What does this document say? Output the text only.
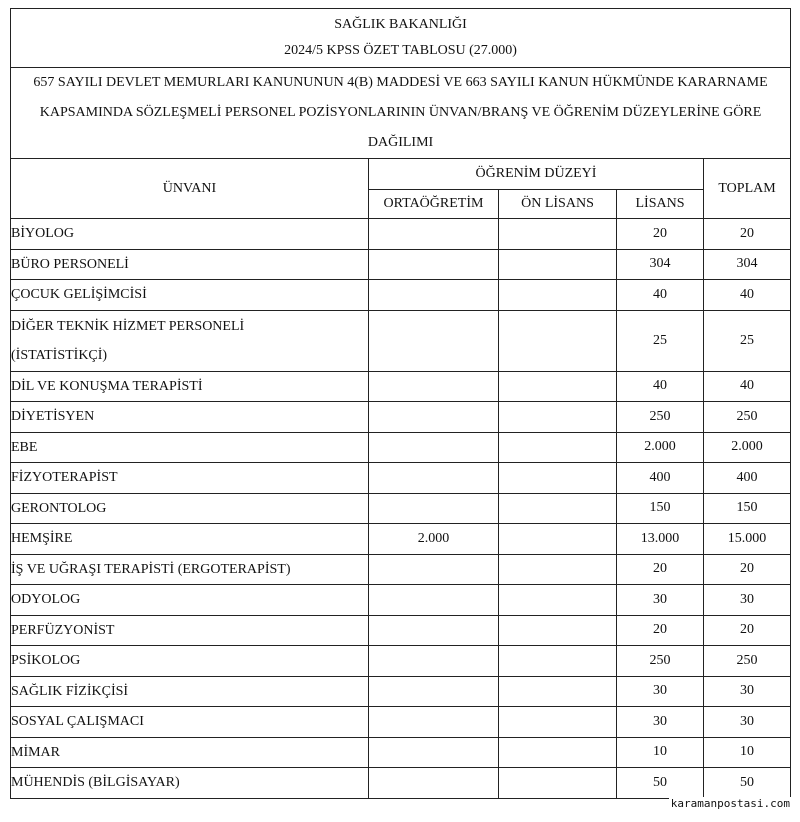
SAĞLIK BAKANLIĞI
2024/5 KPSS ÖZET TABLOSU (27.000)				

657 SAYILI DEVLET MEMURLARI KANUNUNUN 4(B) MADDESİ VE 663 SAYILI KANUN HÜKMÜNDE KARARNAME KAPSAMINDA SÖZLEŞMELİ PERSONEL POZİSYONLARININ ÜNVAN/BRANŞ VE ÖĞRENİM DÜZEYLERİNE GÖRE DAĞILIMI				
ÜNVANI	ÖĞRENİM DÜZEYİ			TOPLAM
	ORTAÖĞRETİM	ÖN LİSANS	LİSANS	

BİYOLOG			20	20

BÜRO PERSONELİ			304	304

ÇOCUK GELİŞİMCİSİ			40	40

DİĞER TEKNİK HİZMET PERSONELİ
(İSTATİSTİKÇİ)			25	25

DİL VE KONUŞMA TERAPİSTİ			40	40

DİYETİSYEN			250	250

EBE			2.000	2.000

FİZYOTERAPİST			400	400

GERONTOLOG			150	150

HEMŞİRE	2.000		13.000	15.000

İŞ VE UĞRAŞI TERAPİSTİ (ERGOTERAPİST)			20	20

ODYOLOG			30	30

PERFÜZYONİST			20	20

PSİKOLOG			250	250

SAĞLIK FİZİKÇİSİ			30	30

SOSYAL ÇALIŞMACI			30	30

MİMAR			10	10

MÜHENDİS (BİLGİSAYAR)			50	50
karamanpostasi.com
